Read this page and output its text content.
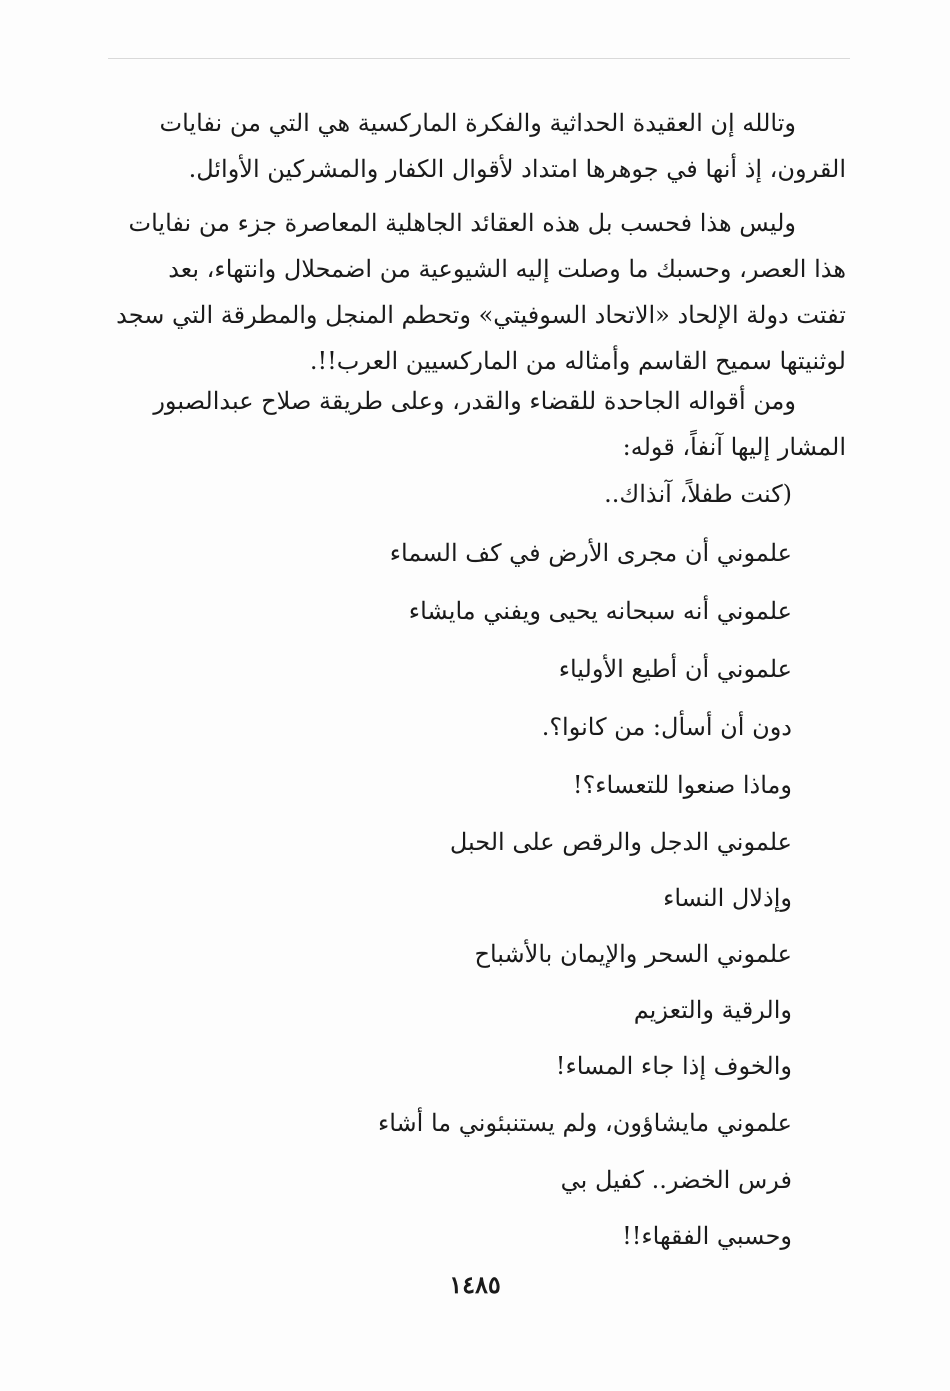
وتالله إن العقيدة الحداثية والفكرة الماركسية هي التي من نفايات
القرون، إذ أنها في جوهرها امتداد لأقوال الكفار والمشركين الأوائل.
وليس هذا فحسب بل هذه العقائد الجاهلية المعاصرة جزء من نفايات
هذا العصر، وحسبك ما وصلت إليه الشيوعية من اضمحلال وانتهاء، بعد
تفتت دولة الإلحاد «الاتحاد السوفيتي» وتحطم المنجل والمطرقة التي سجد
لوثنيتها سميح القاسم وأمثاله من الماركسيين العرب!!.
ومن أقواله الجاحدة للقضاء والقدر، وعلى طريقة صلاح عبدالصبور
المشار إليها آنفاً، قوله:
(كنت طفلاً، آنذاك..
علموني أن مجرى الأرض في كف السماء
علموني أنه سبحانه يحيى ويفني مايشاء
علموني أن أطيع الأولياء
دون أن أسأل: من كانوا؟.
وماذا صنعوا للتعساء؟!
علموني الدجل والرقص على الحبل
وإذلال النساء
علموني السحر والإيمان بالأشباح
والرقية والتعزيم
والخوف إذا جاء المساء!
علموني مايشاؤون، ولم يستنبئوني ما أشاء
فرس الخضر.. كفيل بي
وحسبي الفقهاء!!
١٤٨٥
